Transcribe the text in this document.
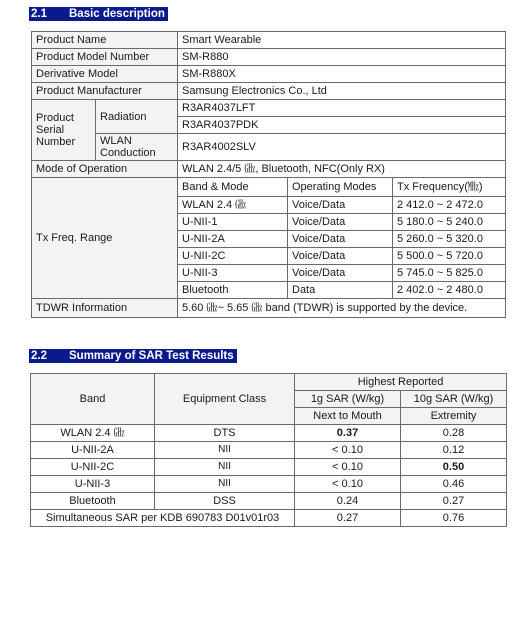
2.1 Basic description
Product Name		Smart Wearable		
Product Model Number		SM-R880		
Derivative Model		SM-R880X		
Product Manufacturer		Samsung Electronics Co., Ltd		
Product Serial Number	Radiation	R3AR4037LFT		
		R3AR4037PDK		
	WLAN Conduction	R3AR4002SLV		
Mode of Operation		WLAN 2.4/5 ㎓, Bluetooth, NFC(Only RX)		
Tx Freq. Range		Band & Mode	Operating Modes	Tx Frequency(㎒)
		WLAN 2.4 ㎓	Voice/Data	2 412.0 ~ 2 472.0
		U-NII-1	Voice/Data	5 180.0 ~ 5 240.0
		U-NII-2A	Voice/Data	5 260.0 ~ 5 320.0
		U-NII-2C	Voice/Data	5 500.0 ~ 5 720.0
		U-NII-3	Voice/Data	5 745.0 ~ 5 825.0
		Bluetooth	Data	2 402.0 ~ 2 480.0
TDWR Information		5.60 ㎓~ 5.65 ㎓ band (TDWR) is supported by the device.		
2.2 Summary of SAR Test Results
Band	Equipment Class	Highest Reported	
		1g SAR (W/kg)	10g SAR (W/kg)
		Next to Mouth	Extremity
WLAN 2.4 ㎓	DTS	0.37	0.28
U-NII-2A	NII	< 0.10	0.12
U-NII-2C	NII	< 0.10	0.50
U-NII-3	NII	< 0.10	0.46
Bluetooth	DSS	0.24	0.27
Simultaneous SAR per KDB 690783 D01v01r03		0.27	0.76
